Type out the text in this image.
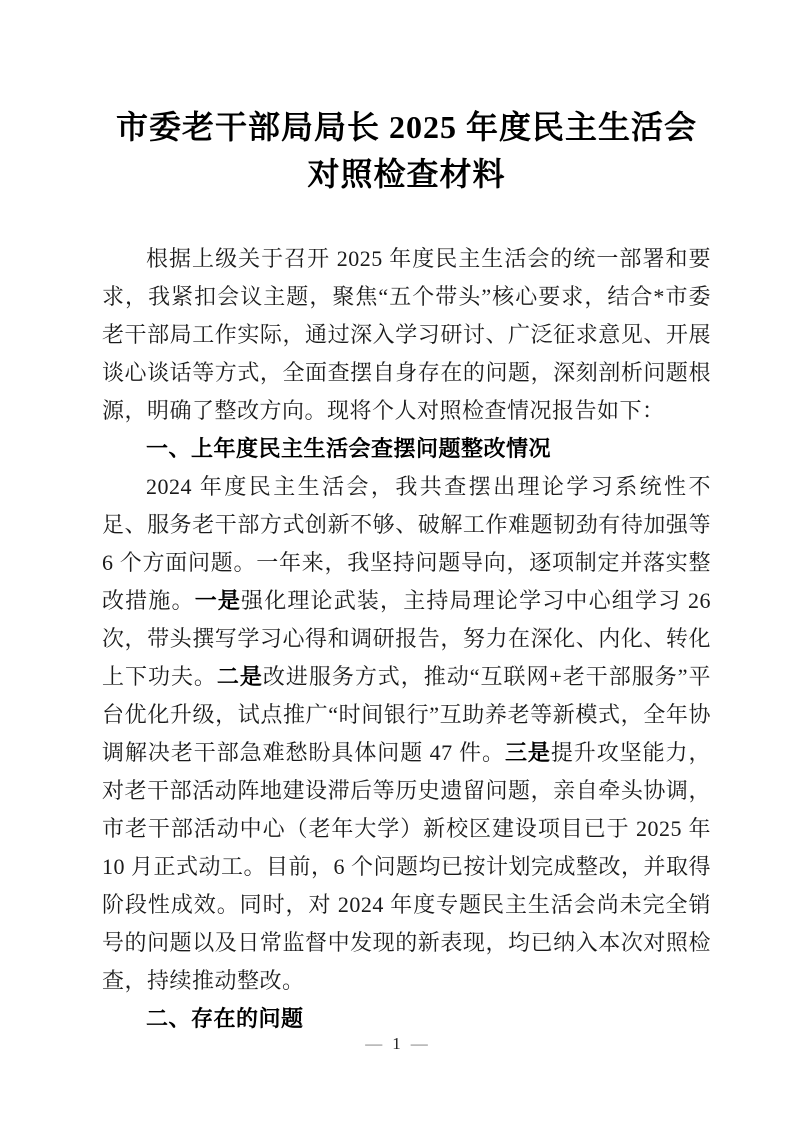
市委老干部局局长 2025 年度民主生活会
对照检查材料

根据上级关于召开 2025 年度民主生活会的统一部署和要求，我紧扣会议主题，聚焦“五个带头”核心要求，结合*市委老干部局工作实际，通过深入学习研讨、广泛征求意见、开展谈心谈话等方式，全面查摆自身存在的问题，深刻剖析问题根源，明确了整改方向。现将个人对照检查情况报告如下：

一、上年度民主生活会查摆问题整改情况

2024 年度民主生活会，我共查摆出理论学习系统性不足、服务老干部方式创新不够、破解工作难题韧劲有待加强等 6 个方面问题。一年来，我坚持问题导向，逐项制定并落实整改措施。一是强化理论武装，主持局理论学习中心组学习 26 次，带头撰写学习心得和调研报告，努力在深化、内化、转化上下功夫。二是改进服务方式，推动“互联网+老干部服务”平台优化升级，试点推广“时间银行”互助养老等新模式，全年协调解决老干部急难愁盼具体问题 47 件。三是提升攻坚能力，对老干部活动阵地建设滞后等历史遗留问题，亲自牵头协调，市老干部活动中心（老年大学）新校区建设项目已于 2025 年 10 月正式动工。目前，6 个问题均已按计划完成整改，并取得阶段性成效。同时，对 2024 年度专题民主生活会尚未完全销号的问题以及日常监督中发现的新表现，均已纳入本次对照检查，持续推动整改。

二、存在的问题
— 1 —
